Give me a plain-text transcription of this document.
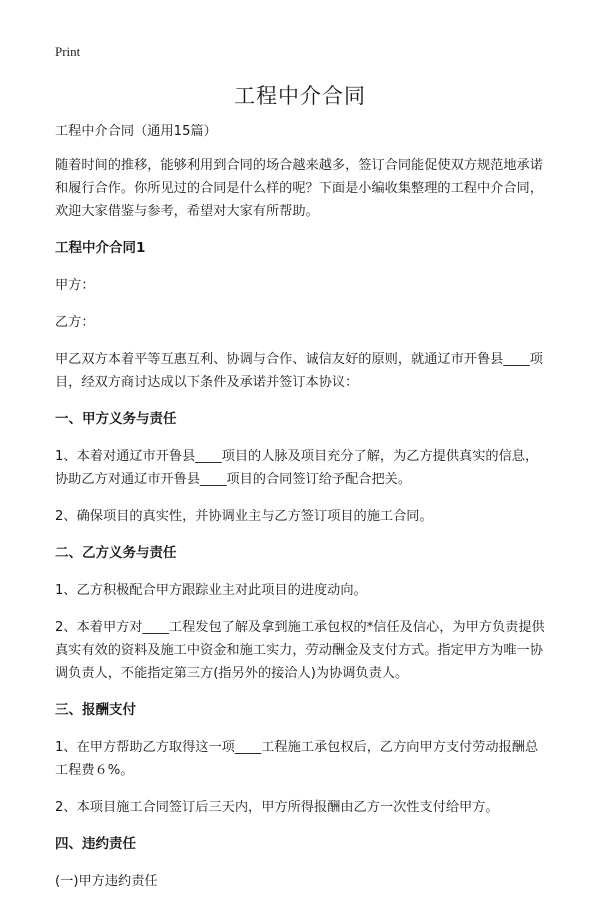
Print
工程中介合同

工程中介合同（通用15篇）

随着时间的推移，能够利用到合同的场合越来越多，签订合同能促使双方规范地承诺和履行合作。你所见过的合同是什么样的呢？下面是小编收集整理的工程中介合同，欢迎大家借鉴与参考，希望对大家有所帮助。

工程中介合同1

甲方：

乙方：

甲乙双方本着平等互惠互利、协调与合作、诚信友好的原则，就通辽市开鲁县____项目，经双方商讨达成以下条件及承诺并签订本协议：

一、甲方义务与责任

1、本着对通辽市开鲁县____项目的人脉及项目充分了解，为乙方提供真实的信息，协助乙方对通辽市开鲁县____项目的合同签订给予配合把关。

2、确保项目的真实性，并协调业主与乙方签订项目的施工合同。

二、乙方义务与责任

1、乙方积极配合甲方跟踪业主对此项目的进度动向。

2、本着甲方对____工程发包了解及拿到施工承包权的*信任及信心，为甲方负责提供真实有效的资料及施工中资金和施工实力，劳动酬金及支付方式。指定甲方为唯一协调负责人，不能指定第三方(指另外的接洽人)为协调负责人。

三、报酬支付

1、在甲方帮助乙方取得这一项____工程施工承包权后，乙方向甲方支付劳动报酬总工程费６%。

2、本项目施工合同签订后三天内，甲方所得报酬由乙方一次性支付给甲方。

四、违约责任

(一)甲方违约责任
